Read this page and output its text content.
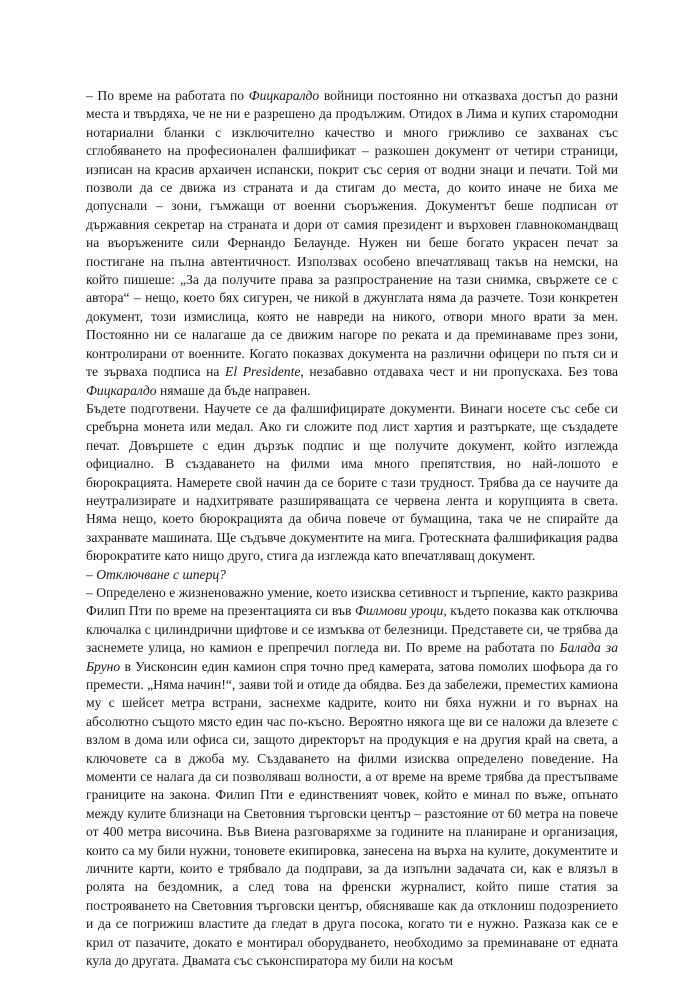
– По време на работата по Фицкаралдо войници постоянно ни отказваха достъп до разни места и твърдяха, че не ни е разрешено да продължим. Отидох в Лима и купих старомодни нотариални бланки с изключително качество и много грижливо се захванах със сглобяването на професионален фалшификат – разкошен документ от четири страници, изписан на красив архаичен испански, покрит със серия от водни знаци и печати. Той ми позволи да се движа из страната и да стигам до места, до които иначе не биха ме допуснали – зони, гъмжащи от военни съоръжения. Документът беше подписан от държавния секретар на страната и дори от самия президент и върховен главнокомандващ на въоръжените сили Фернандо Белаунде. Нужен ни беше богато украсен печат за постигане на пълна автентичност. Използвах особено впечатляващ такъв на немски, на който пишеше: „За да получите права за разпространение на тази снимка, свържете се с автора“ – нещо, което бях сигурен, че никой в джунглата няма да разчете. Този конкретен документ, този измислица, която не навреди на никого, отвори много врати за мен. Постоянно ни се налагаше да се движим нагоре по реката и да преминаваме през зони, контролирани от военните. Когато показвах документа на различни офицери по пътя си и те зърваха подписа на El Presidente, незабавно отдаваха чест и ни пропускаха. Без това Фицкаралдо нямаше да бъде направен.

Бъдете подготвени. Научете се да фалшифицирате документи. Винаги носете със себе си сребърна монета или медал. Ако ги сложите под лист хартия и разтъркате, ще създадете печат. Довършете с един дързък подпис и ще получите документ, който изглежда официално. В създаването на филми има много препятствия, но най-лошото е бюрокрацията. Намерете свой начин да се борите с тази трудност. Трябва да се научите да неутрализирате и надхитрявате разширяващата се червена лента и корупцията в света. Няма нещо, което бюрокрацията да обича повече от бумащина, така че не спирайте да захранвате машината. Ще съдъвче документите на мига. Гротескната фалшификация радва бюрократите като нищо друго, стига да изглежда като впечатляващ документ.

– Отключване с шперц?

– Определено е жизненоважно умение, което изисква сетивност и търпение, както разкрива Филип Пти по време на презентацията си във Филмови уроци, където показва как отключва ключалка с цилиндрични щифтове и се измъква от белезници. Представете си, че трябва да заснемете улица, но камион е препречил погледа ви. По време на работата по Балада за Бруно в Уисконсин един камион спря точно пред камерата, затова помолих шофьора да го премести. „Няма начин!“, заяви той и отиде да обядва. Без да забележи, преместих камиона му с шейсет метра встрани, заснехме кадрите, които ни бяха нужни и го върнах на абсолютно същото място един час по-късно. Вероятно някога ще ви се наложи да влезете с взлом в дома или офиса си, защото директорът на продукция е на другия край на света, а ключовете са в джоба му. Създаването на филми изисква определено поведение. На моменти се налага да си позволяваш волности, а от време на време трябва да престъпваме границите на закона. Филип Пти е единственият човек, който е минал по въже, опънато между кулите близнаци на Световния търговски център – разстояние от 60 метра на повече от 400 метра височина. Във Виена разговаряхме за годините на планиране и организация, които са му били нужни, тоновете екипировка, занесена на върха на кулите, документите и личните карти, които е трябвало да подправи, за да изпълни задачата си, как е влязъл в ролята на бездомник, а след това на френски журналист, който пише статия за построяването на Световния търговски център, обясняваше как да отклониш подозрението и да се погрижиш властите да гледат в друга посока, когато ти е нужно. Разказа как се е крил от пазачите, докато е монтирал оборудването, необходимо за преминаване от едната кула до другата. Двамата със съконспиратора му били на косъм
